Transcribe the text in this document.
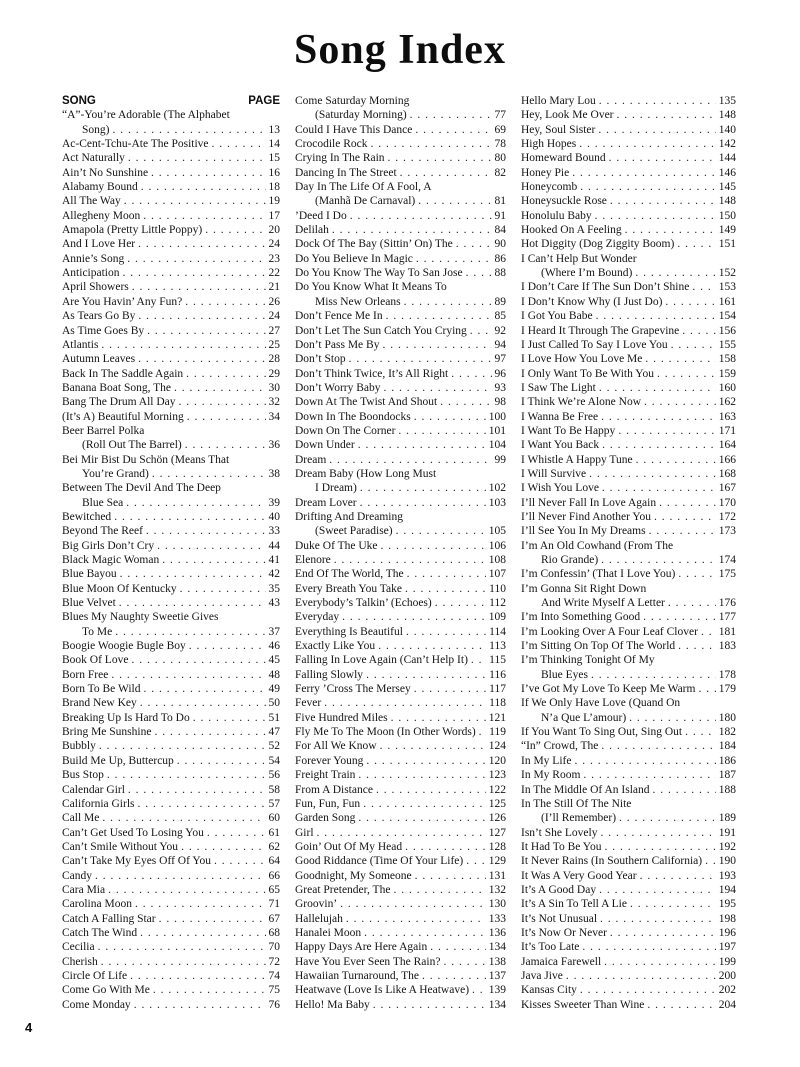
Song Index
SONG	PAGE
“A”-You’re Adorable (The Alphabet
Song) . . .	13
Ac-Cent-Tchu-Ate The Positive . . .	14
Act Naturally . . .	15
Ain’t No Sunshine . . .	16
Alabamy Bound . . .	18
All The Way . . .	19
Allegheny Moon . . .	17
Amapola (Pretty Little Poppy) . . .	20
And I Love Her . . .	24
Annie’s Song . . .	23
Anticipation . . .	22
April Showers . . .	21
Are You Havin’ Any Fun? . . .	26
As Tears Go By . . .	24
As Time Goes By . . .	27
Atlantis . . .	25
Autumn Leaves . . .	28
Back In The Saddle Again . . .	29
Banana Boat Song, The . . .	30
Bang The Drum All Day . . .	32
(It’s A) Beautiful Morning . . .	34
Beer Barrel Polka
(Roll Out The Barrel) . . .	36
Bei Mir Bist Du Schön (Means That
You’re Grand) . . .	38
Between The Devil And The Deep
Blue Sea . . .	39
Bewitched . . .	40
Beyond The Reef . . .	33
Big Girls Don’t Cry . . .	44
Black Magic Woman . . .	41
Blue Bayou . . .	42
Blue Moon Of Kentucky . . .	35
Blue Velvet . . .	43
Blues My Naughty Sweetie Gives
To Me . . .	37
Boogie Woogie Bugle Boy . . .	46
Book Of Love . . .	45
Born Free . . .	48
Born To Be Wild . . .	49
Brand New Key . . .	50
Breaking Up Is Hard To Do . . .	51
Bring Me Sunshine . . .	47
Bubbly . . .	52
Build Me Up, Buttercup . . .	54
Bus Stop . . .	56
Calendar Girl . . .	58
California Girls . . .	57
Call Me . . .	60
Can’t Get Used To Losing You . . .	61
Can’t Smile Without You . . .	62
Can’t Take My Eyes Off Of You . . .	64
Candy . . .	66
Cara Mia . . .	65
Carolina Moon . . .	71
Catch A Falling Star . . .	67
Catch The Wind . . .	68
Cecilia . . .	70
Cherish . . .	72
Circle Of Life . . .	74
Come Go With Me . . .	75
Come Monday . . .	76
Come Saturday Morning
(Saturday Morning) . . .	77
Could I Have This Dance . . .	69
Crocodile Rock . . .	78
Crying In The Rain . . .	80
Dancing In The Street . . .	82
Day In The Life Of A Fool, A
(Manhã De Carnaval) . . .	81
’Deed I Do . . .	91
Delilah . . .	84
Dock Of The Bay (Sittin’ On) The . . .	90
Do You Believe In Magic . . .	86
Do You Know The Way To San Jose . . .	88
Do You Know What It Means To
Miss New Orleans . . .	89
Don’t Fence Me In . . .	85
Don’t Let The Sun Catch You Crying . . . 92
Don’t Pass Me By . . .	94
Don’t Stop . . .	97
Don’t Think Twice, It’s All Right . . .	96
Don’t Worry Baby . . .	93
Down At The Twist And Shout . . .	98
Down In The Boondocks . . .	100
Down On The Corner . . .	101
Down Under . . .	104
Dream . . .	99
Dream Baby (How Long Must
I Dream) . . .	102
Dream Lover . . .	103
Drifting And Dreaming
(Sweet Paradise) . . .	105
Duke Of The Uke . . .	106
Elenore . . .	108
End Of The World, The . . .	107
Every Breath You Take . . .	110
Everybody’s Talkin’ (Echoes) . . .	112
Everyday . . .	109
Everything Is Beautiful . . .	114
Exactly Like You . . .	113
Falling In Love Again (Can’t Help It) . . . 115
Falling Slowly . . .	116
Ferry ’Cross The Mersey . . .	117
Fever . . .	118
Five Hundred Miles . . .	121
Fly Me To The Moon (In Other Words) . . . 119
For All We Know . . .	124
Forever Young . . .	120
Freight Train . . .	123
From A Distance . . .	122
Fun, Fun, Fun . . .	125
Garden Song . . .	126
Girl . . .	127
Goin’ Out Of My Head . . .	128
Good Riddance (Time Of Your Life) . . . 129
Goodnight, My Someone . . .	131
Great Pretender, The . . .	132
Groovin’ . . .	130
Hallelujah . . .	133
Hanalei Moon . . .	136
Happy Days Are Here Again . . .	134
Have You Ever Seen The Rain? . . .	138
Hawaiian Turnaround, The . . .	137
Heatwave (Love Is Like A Heatwave) . . . 139
Hello! Ma Baby . . .	134
Hello Mary Lou . . .	135
Hey, Look Me Over . . .	148
Hey, Soul Sister . . .	140
High Hopes . . .	142
Homeward Bound . . .	144
Honey Pie . . .	146
Honeycomb . . .	145
Honeysuckle Rose . . .	148
Honolulu Baby . . .	150
Hooked On A Feeling . . .	149
Hot Diggity (Dog Ziggity Boom) . . .	151
I Can’t Help But Wonder
(Where I’m Bound) . . .	152
I Don’t Care If The Sun Don’t Shine . . .	153
I Don’t Know Why (I Just Do) . . .	161
I Got You Babe . . .	154
I Heard It Through The Grapevine . . .	156
I Just Called To Say I Love You . . .	155
I Love How You Love Me . . .	158
I Only Want To Be With You . . .	159
I Saw The Light . . .	160
I Think We’re Alone Now . . .	162
I Wanna Be Free . . .	163
I Want To Be Happy . . .	171
I Want You Back . . .	164
I Whistle A Happy Tune . . .	166
I Will Survive . . .	168
I Wish You Love . . .	167
I’ll Never Fall In Love Again . . .	170
I’ll Never Find Another You . . .	172
I’ll See You In My Dreams . . .	173
I’m An Old Cowhand (From The
Rio Grande) . . .	174
I’m Confessin’ (That I Love You) . . .	175
I’m Gonna Sit Right Down
And Write Myself A Letter . . .	176
I’m Into Something Good . . .	177
I’m Looking Over A Four Leaf Clover . . . 181
I’m Sitting On Top Of The World . . .	183
I’m Thinking Tonight Of My
Blue Eyes . . .	178
I’ve Got My Love To Keep Me Warm . . . 179
If We Only Have Love (Quand On
N’a Que L’amour) . . .	180
If You Want To Sing Out, Sing Out . . .	182
“In” Crowd, The . . .	184
In My Life . . .	186
In My Room . . .	187
In The Middle Of An Island . . .	188
In The Still Of The Nite
(I’ll Remember) . . .	189
Isn’t She Lovely . . .	191
It Had To Be You . . .	192
It Never Rains (In Southern California) . . . 190
It Was A Very Good Year . . .	193
It’s A Good Day . . .	194
It’s A Sin To Tell A Lie . . .	195
It’s Not Unusual . . .	198
It’s Now Or Never . . .	196
It’s Too Late . . .	197
Jamaica Farewell . . .	199
Java Jive . . .	200
Kansas City . . .	202
Kisses Sweeter Than Wine . . .	204
4
